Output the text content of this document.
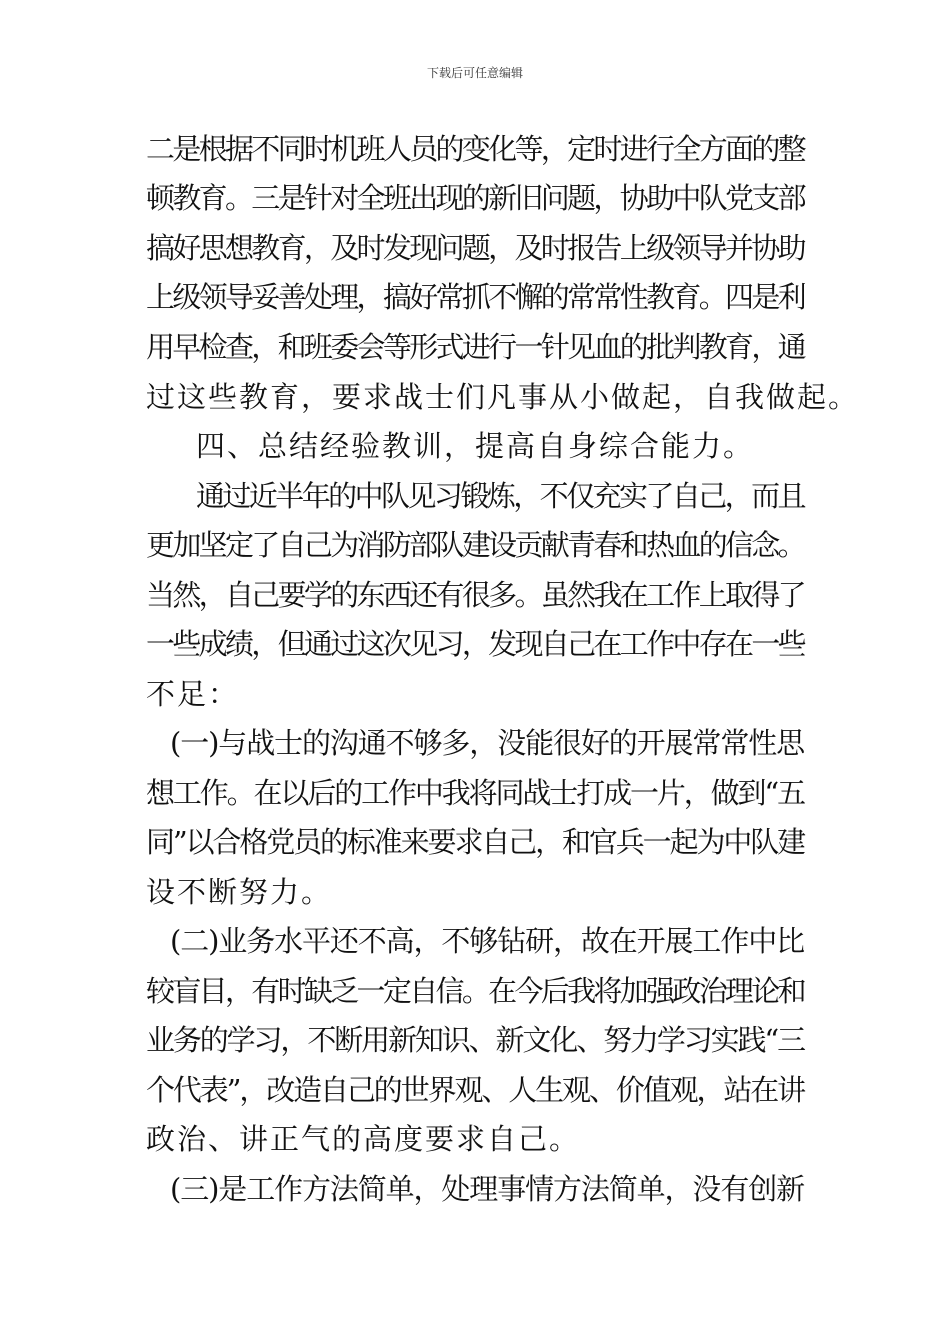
下载后可任意编辑
二是根据不同时机班人员的变化等，定时进行全方面的整
顿教育。三是针对全班出现的新旧问题，协助中队党支部
搞好思想教育，及时发现问题，及时报告上级领导并协助
上级领导妥善处理，搞好常抓不懈的常常性教育。四是利
用早检查，和班委会等形式进行一针见血的批判教育，通
过这些教育，要求战士们凡事从小做起，自我做起。
四、总结经验教训，提高自身综合能力。
通过近半年的中队见习锻炼，不仅充实了自己，而且
更加坚定了自己为消防部队建设贡献青春和热血的信念。
当然，自己要学的东西还有很多。虽然我在工作上取得了
一些成绩，但通过这次见习，发现自己在工作中存在一些
不足：
(一)与战士的沟通不够多，没能很好的开展常常性思
想工作。在以后的工作中我将同战士打成一片，做到“五
同”以合格党员的标准来要求自己，和官兵一起为中队建
设不断努力。
(二)业务水平还不高，不够钻研，故在开展工作中比
较盲目，有时缺乏一定自信。在今后我将加强政治理论和
业务的学习，不断用新知识、新文化、努力学习实践“三
个代表”，改造自己的世界观、人生观、价值观，站在讲
政治、讲正气的高度要求自己。
(三)是工作方法简单，处理事情方法简单，没有创新
